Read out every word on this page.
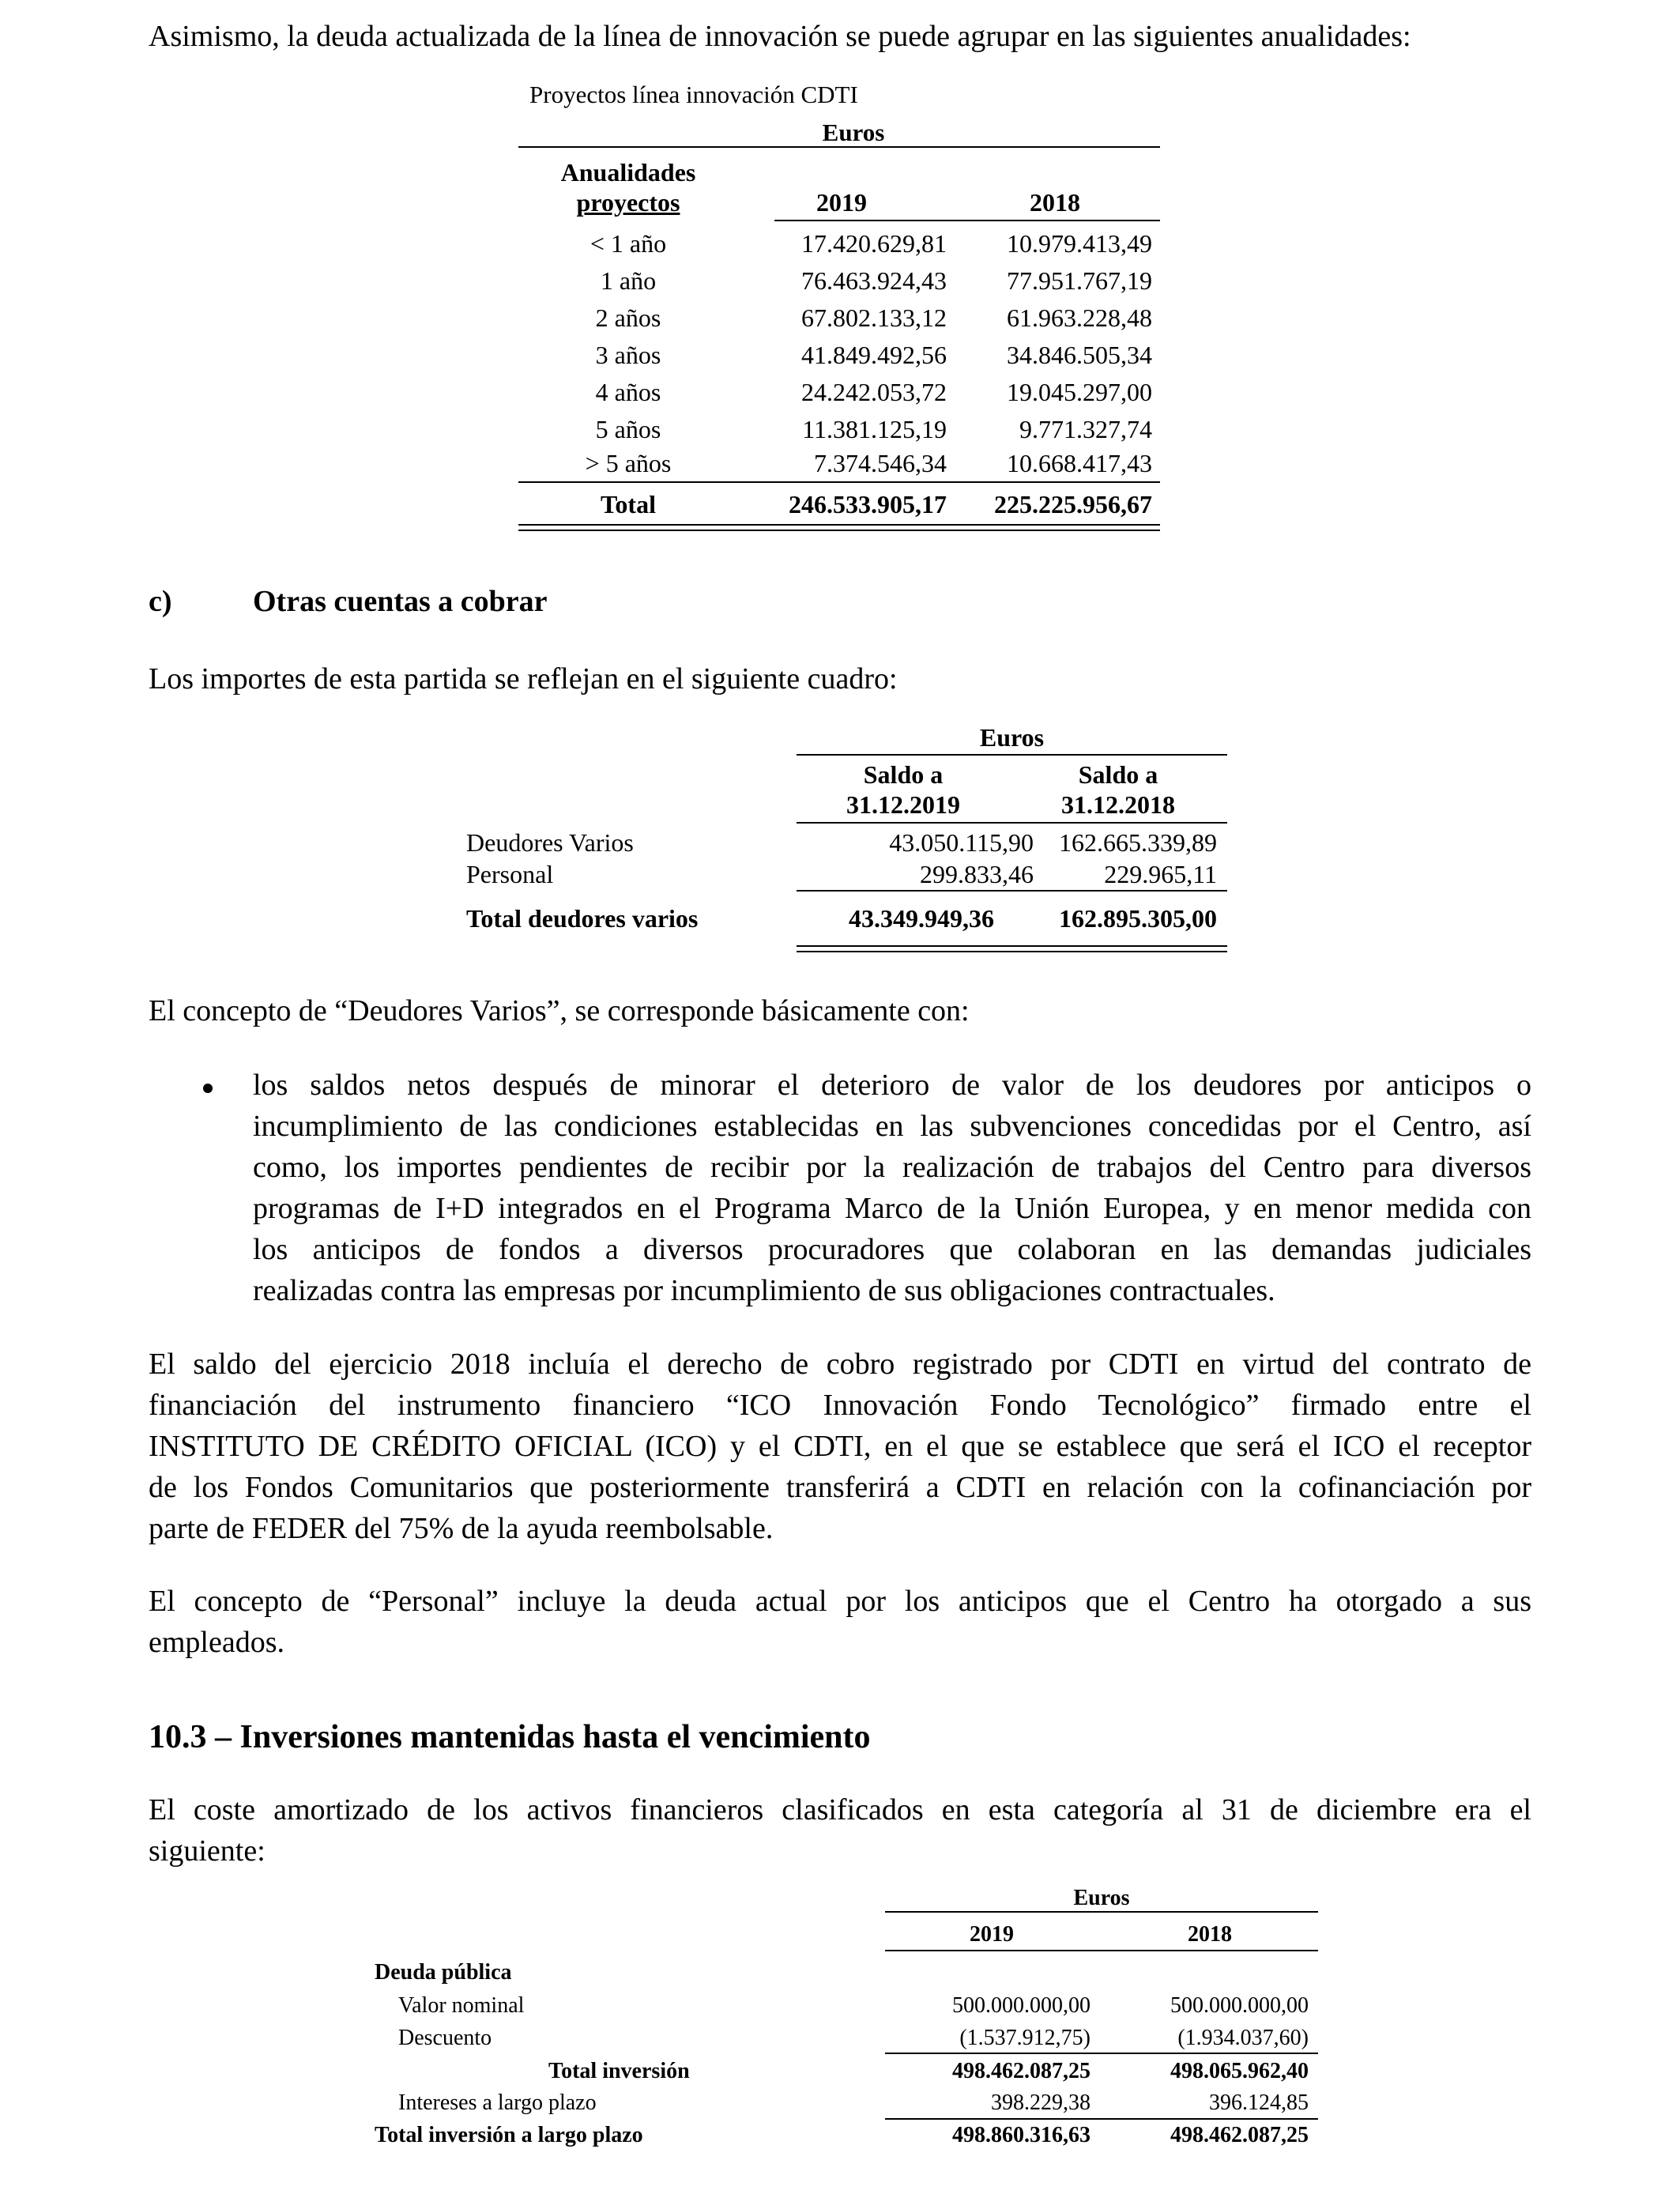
Asimismo, la deuda actualizada de la línea de innovación se puede agrupar en las siguientes anualidades:

Proyectos línea innovación CDTI
Euros
Anualidades
proyectos	2019	2018
< 1 año	17.420.629,81	10.979.413,49
1 año	76.463.924,43	77.951.767,19
2 años	67.802.133,12	61.963.228,48
3 años	41.849.492,56	34.846.505,34
4 años	24.242.053,72	19.045.297,00
5 años	11.381.125,19	9.771.327,74
> 5 años	7.374.546,34	10.668.417,43
Total	246.533.905,17	225.225.956,67
c)	Otras cuentas a cobrar

Los importes de esta partida se reflejan en el siguiente cuadro:

Euros
Saldo a
31.12.2019
Saldo a
31.12.2018
Deudores Varios	43.050.115,90	162.665.339,89
Personal	299.833,46	229.965,11
Total deudores varios	43.349.949,36	162.895.305,00

El concepto de “Deudores Varios”, se corresponde básicamente con:

los saldos netos después de minorar el deterioro de valor de los deudores por anticipos o
incumplimiento de las condiciones establecidas en las subvenciones concedidas por el Centro, así
como, los importes pendientes de recibir por la realización de trabajos del Centro para diversos
programas de I+D integrados en el Programa Marco de la Unión Europea, y en menor medida con
los anticipos de fondos a diversos procuradores que colaboran en las demandas judiciales
realizadas contra las empresas por incumplimiento de sus obligaciones contractuales.
El saldo del ejercicio 2018 incluía el derecho de cobro registrado por CDTI en virtud del contrato de
financiación del instrumento financiero “ICO Innovación Fondo Tecnológico” firmado entre el
INSTITUTO DE CRÉDITO OFICIAL (ICO) y el CDTI, en el que se establece que será el ICO el receptor
de los Fondos Comunitarios que posteriormente transferirá a CDTI en relación con la cofinanciación por
parte de FEDER del 75% de la ayuda reembolsable.
El concepto de “Personal” incluye la deuda actual por los anticipos que el Centro ha otorgado a sus
empleados.
10.3 – Inversiones mantenidas hasta el vencimiento
El coste amortizado de los activos financieros clasificados en esta categoría al 31 de diciembre era el
siguiente:
Euros
2019	2018
Deuda pública
Valor nominal	500.000.000,00	500.000.000,00
Descuento	(1.537.912,75)	(1.934.037,60)
Total inversión	498.462.087,25	498.065.962,40
Intereses a largo plazo	398.229,38	396.124,85
Total inversión a largo plazo	498.860.316,63	498.462.087,25
